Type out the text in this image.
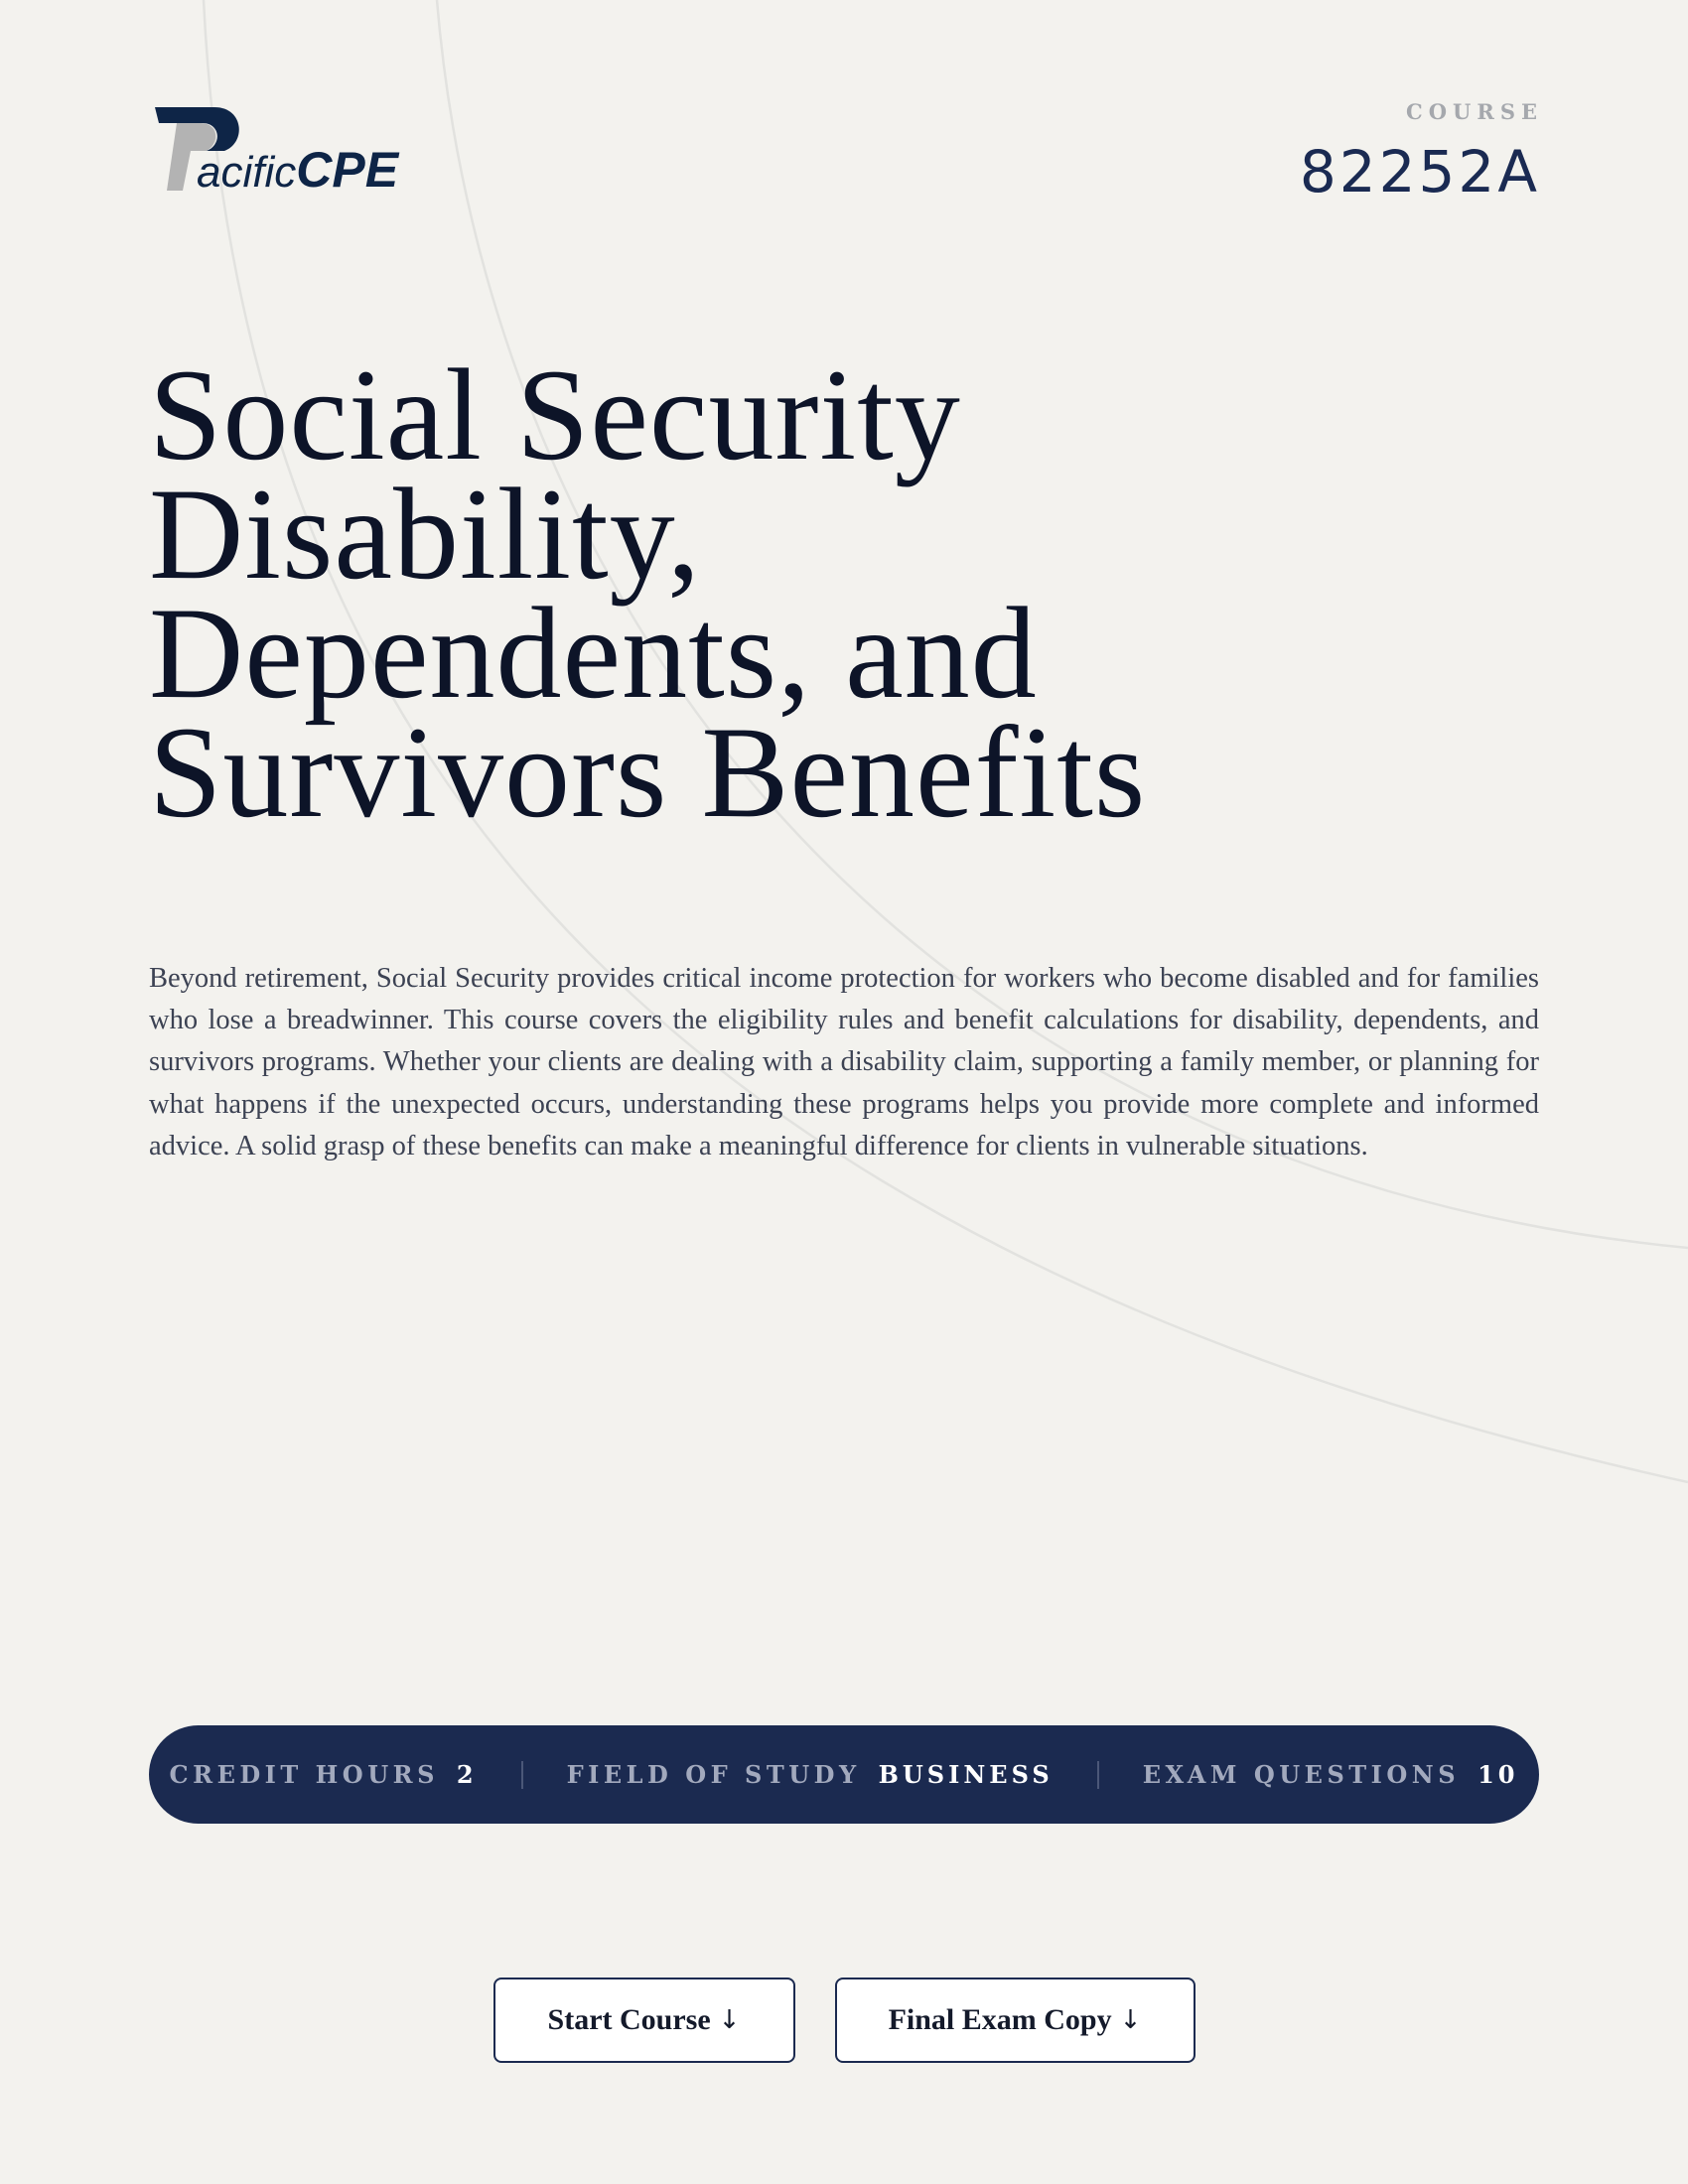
acificCPE
COURSE
82252A
Social Security
Disability,
Dependents, and
Survivors Benefits

Beyond retirement, Social Security provides critical income protection for workers who become disabled and for families who lose a breadwinner. This course covers the eligibility rules and benefit calculations for disability, dependents, and survivors programs. Whether your clients are dealing with a disability claim, supporting a family member, or planning for what happens if the unexpected occurs, understanding these programs helps you provide more complete and informed advice. A solid grasp of these benefits can make a meaningful difference for clients in vulnerable situations.

CREDIT HOURS 2	FIELD OF STUDY BUSINESS	EXAM QUESTIONS 10
Start Course ↓	Final Exam Copy ↓
